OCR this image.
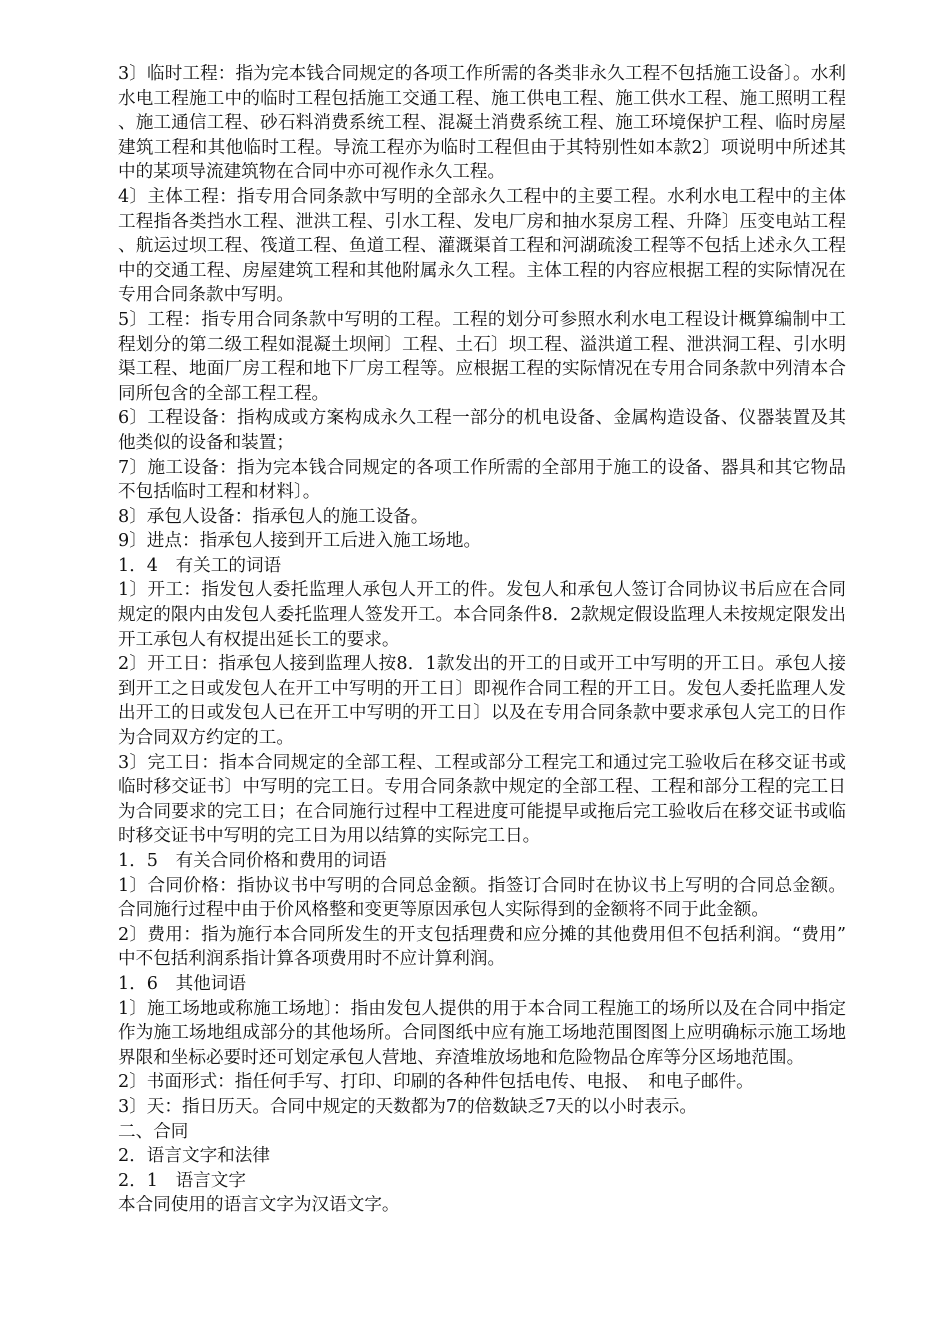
3〕临时工程：指为完本钱合同规定的各项工作所需的各类非永久工程不包括施工设备〕。水利水电工程施工中的临时工程包括施工交通工程、施工供电工程、施工供水工程、施工照明工程、施工通信工程、砂石料消费系统工程、混凝土消费系统工程、施工环境保护工程、临时房屋建筑工程和其他临时工程。导流工程亦为临时工程但由于其特别性如本款2〕项说明中所述其中的某项导流建筑物在合同中亦可视作永久工程。

4〕主体工程：指专用合同条款中写明的全部永久工程中的主要工程。水利水电工程中的主体工程指各类挡水工程、泄洪工程、引水工程、发电厂房和抽水泵房工程、升降〕压变电站工程、航运过坝工程、筏道工程、鱼道工程、灌溉渠首工程和河湖疏浚工程等不包括上述永久工程中的交通工程、房屋建筑工程和其他附属永久工程。主体工程的内容应根据工程的实际情况在专用合同条款中写明。

5〕工程：指专用合同条款中写明的工程。工程的划分可参照水利水电工程设计概算编制中工程划分的第二级工程如混凝土坝闸〕工程、土石〕坝工程、溢洪道工程、泄洪洞工程、引水明渠工程、地面厂房工程和地下厂房工程等。应根据工程的实际情况在专用合同条款中列清本合同所包含的全部工程工程。

6〕工程设备：指构成或方案构成永久工程一部分的机电设备、金属构造设备、仪器装置及其他类似的设备和装置；

7〕施工设备：指为完本钱合同规定的各项工作所需的全部用于施工的设备、器具和其它物品不包括临时工程和材料〕。

8〕承包人设备：指承包人的施工设备。

9〕进点：指承包人接到开工后进入施工场地。

1．4　有关工的词语

1〕开工：指发包人委托监理人承包人开工的件。发包人和承包人签订合同协议书后应在合同规定的限内由发包人委托监理人签发开工。本合同条件8．2款规定假设监理人未按规定限发出开工承包人有权提出延长工的要求。

2〕开工日：指承包人接到监理人按8．1款发出的开工的日或开工中写明的开工日。承包人接到开工之日或发包人在开工中写明的开工日〕即视作合同工程的开工日。发包人委托监理人发出开工的日或发包人已在开工中写明的开工日〕以及在专用合同条款中要求承包人完工的日作为合同双方约定的工。

3〕完工日：指本合同规定的全部工程、工程或部分工程完工和通过完工验收后在移交证书或临时移交证书〕中写明的完工日。专用合同条款中规定的全部工程、工程和部分工程的完工日为合同要求的完工日；在合同施行过程中工程进度可能提早或拖后完工验收后在移交证书或临时移交证书中写明的完工日为用以结算的实际完工日。

1．5　有关合同价格和费用的词语

1〕合同价格：指协议书中写明的合同总金额。指签订合同时在协议书上写明的合同总金额。合同施行过程中由于价风格整和变更等原因承包人实际得到的金额将不同于此金额。

2〕费用：指为施行本合同所发生的开支包括理费和应分摊的其他费用但不包括利润。“费用”中不包括利润系指计算各项费用时不应计算利润。

1．6　其他词语

1〕施工场地或称施工场地〕：指由发包人提供的用于本合同工程施工的场所以及在合同中指定作为施工场地组成部分的其他场所。合同图纸中应有施工场地范围图图上应明确标示施工场地界限和坐标必要时还可划定承包人营地、弃渣堆放场地和危险物品仓库等分区场地范围。

2〕书面形式：指任何手写、打印、印刷的各种件包括电传、电报、　和电子邮件。

3〕天：指日历天。合同中规定的天数都为7的倍数缺乏7天的以小时表示。

二、合同

2．语言文字和法律

2．1　语言文字

本合同使用的语言文字为汉语文字。
